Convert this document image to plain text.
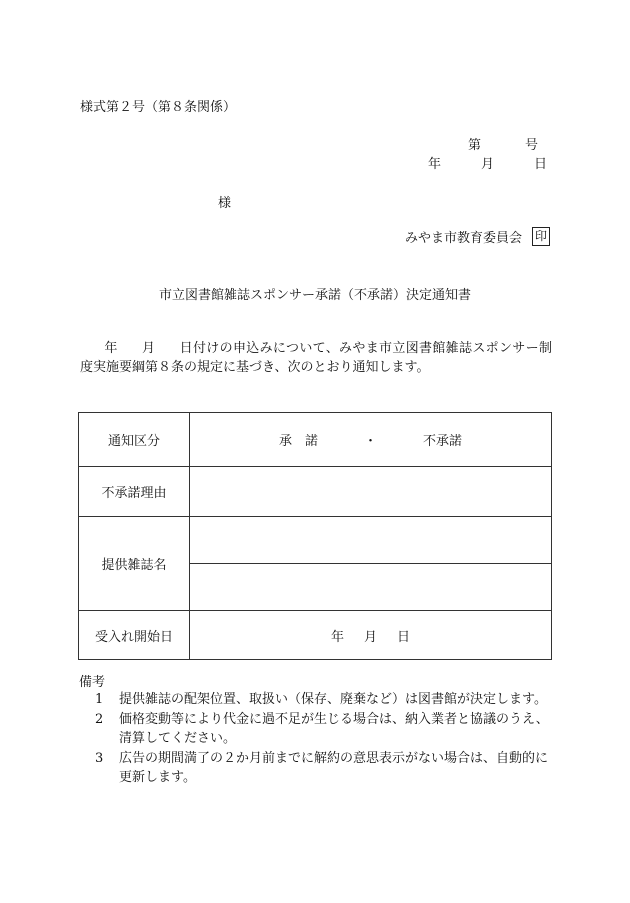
様式第２号（第８条関係）
第	号
年	月	日
様
みやま市教育委員会 印
市立図書館雑誌スポンサー承諾（不承諾）決定通知書
年 月 日付けの申込みについて、みやま市立図書館雑誌スポンサー制度実施要綱第８条の規定に基づき、次のとおり通知します。
通知区分	承　諾 ・ 不承諾

不承諾理由	
提供雑誌名	

受入れ開始日	年 月 日
備考
1 提供雑誌の配架位置、取扱い（保存、廃棄など）は図書館が決定します。
2 価格変動等により代金に過不足が生じる場合は、納入業者と協議のうえ、清算してください。
3 広告の期間満了の２か月前までに解約の意思表示がない場合は、自動的に更新します。
